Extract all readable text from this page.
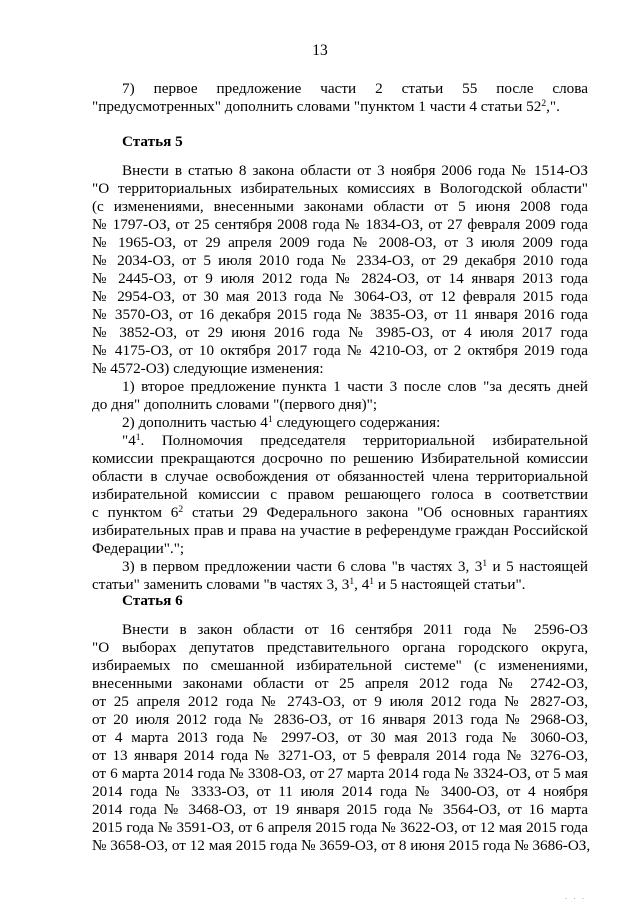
13
7) первое предложение части 2 статьи 55 после слова
"предусмотренных" дополнить словами "пунктом 1 части 4 статьи $52^2$,".
Статья 5
Внести в статью 8 закона области от 3 ноября 2006 года № 1514-ОЗ
"О территориальных избирательных комиссиях в Вологодской области"
(с изменениями, внесенными законами области от 5 июня 2008 года
№ 1797-ОЗ, от 25 сентября 2008 года № 1834-ОЗ, от 27 февраля 2009 года
№ 1965-ОЗ, от 29 апреля 2009 года № 2008-ОЗ, от 3 июля 2009 года
№ 2034-ОЗ, от 5 июля 2010 года № 2334-ОЗ, от 29 декабря 2010 года
№ 2445-ОЗ, от 9 июля 2012 года № 2824-ОЗ, от 14 января 2013 года
№ 2954-ОЗ, от 30 мая 2013 года № 3064-ОЗ, от 12 февраля 2015 года
№ 3570-ОЗ, от 16 декабря 2015 года № 3835-ОЗ, от 11 января 2016 года
№ 3852-ОЗ, от 29 июня 2016 года № 3985-ОЗ, от 4 июля 2017 года
№ 4175-ОЗ, от 10 октября 2017 года № 4210-ОЗ, от 2 октября 2019 года
№ 4572-ОЗ) следующие изменения:
1) второе предложение пункта 1 части 3 после слов "за десять дней
до дня" дополнить словами "(первого дня)";
2) дополнить частью $4^1$ следующего содержания:
"$4^1$. Полномочия председателя территориальной избирательной
комиссии прекращаются досрочно по решению Избирательной комиссии
области в случае освобождения от обязанностей члена территориальной
избирательной комиссии с правом решающего голоса в соответствии
с пунктом $6^2$ статьи 29 Федерального закона "Об основных гарантиях
избирательных прав и права на участие в референдуме граждан Российской
Федерации".";
3) в первом предложении части 6 слова "в частях 3, $3^1$ и 5 настоящей
статьи" заменить словами "в частях 3, $3^1$, $4^1$ и 5 настоящей статьи".
Статья 6
Внести в закон области от 16 сентября 2011 года № 2596-ОЗ
"О выборах депутатов представительного органа городского округа,
избираемых по смешанной избирательной системе" (с изменениями,
внесенными законами области от 25 апреля 2012 года № 2742-ОЗ,
от 25 апреля 2012 года № 2743-ОЗ, от 9 июля 2012 года № 2827-ОЗ,
от 20 июля 2012 года № 2836-ОЗ, от 16 января 2013 года № 2968-ОЗ,
от 4 марта 2013 года № 2997-ОЗ, от 30 мая 2013 года № 3060-ОЗ,
от 13 января 2014 года № 3271-ОЗ, от 5 февраля 2014 года № 3276-ОЗ,
от 6 марта 2014 года № 3308-ОЗ, от 27 марта 2014 года № 3324-ОЗ, от 5 мая
2014 года № 3333-ОЗ, от 11 июля 2014 года № 3400-ОЗ, от 4 ноября
2014 года № 3468-ОЗ, от 19 января 2015 года № 3564-ОЗ, от 16 марта
2015 года № 3591-ОЗ, от 6 апреля 2015 года № 3622-ОЗ, от 12 мая 2015 года
№ 3658-ОЗ, от 12 мая 2015 года № 3659-ОЗ, от 8 июня 2015 года № 3686-ОЗ,
· · ·
